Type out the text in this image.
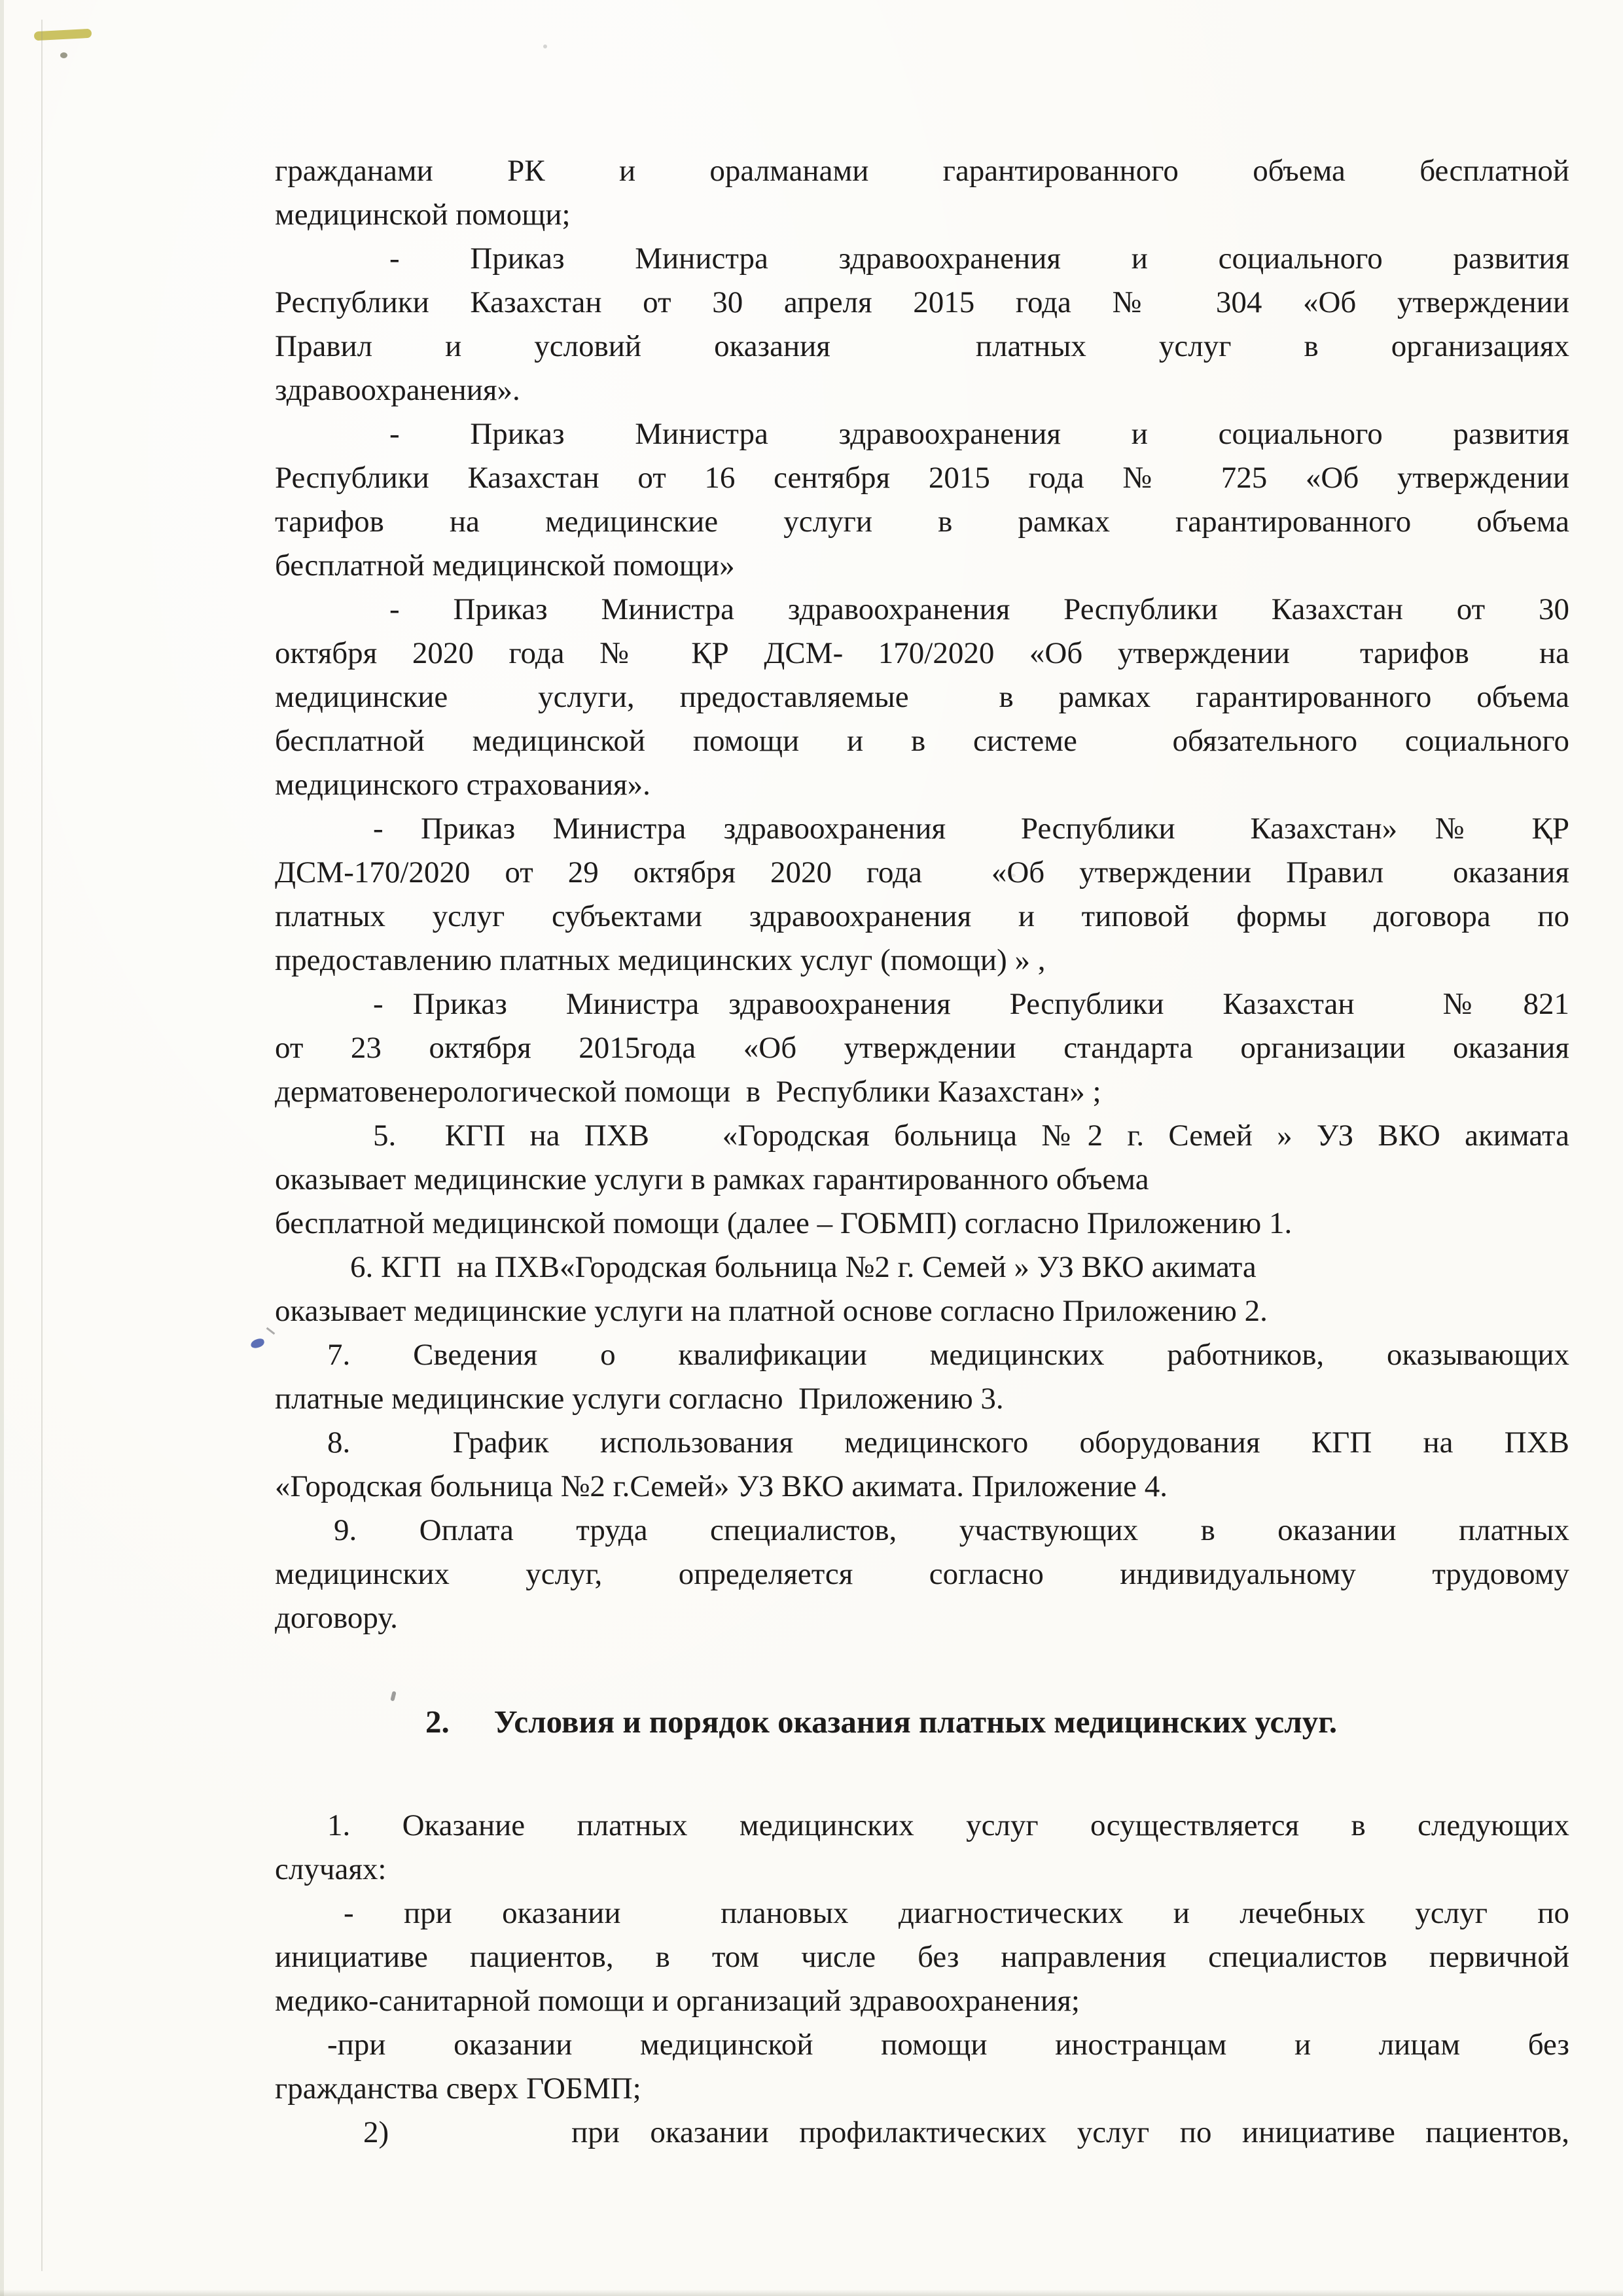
гражданами РК и оралманами гарантированного объема бесплатной
медицинской помощи;
- Приказ Министра здравоохранения и социального развития
Республики Казахстан от 30 апреля 2015 года № 304 «Об утверждении
Правил и условий оказания  платных услуг в организациях
здравоохранения».
- Приказ Министра здравоохранения и социального развития
Республики Казахстан от 16 сентября 2015 года № 725 «Об утверждении
тарифов на медицинские услуги в рамках гарантированного объема
бесплатной медицинской помощи»
- Приказ Министра здравоохранения Республики Казахстан от 30
октября 2020 года № ҚР ДСМ- 170/2020 «Об утверждении  тарифов  на
медицинские  услуги, предоставляемые  в рамках гарантированного объема
бесплатной медицинской помощи и в системе  обязательного социального
медицинского страхования».
- Приказ Министра здравоохранения  Республики  Казахстан» № ҚР
ДСМ-170/2020 от 29 октября 2020 года  «Об утверждении Правил  оказания
платных услуг субъектами здравоохранения и типовой формы договора по
предоставлению платных медицинских услуг (помощи) » ,
- Приказ  Министра здравоохранения  Республики  Казахстан   № 821
от 23 октября 2015года «Об утверждении стандарта организации оказания
дерматовенерологической помощи  в  Республики Казахстан» ;
5.  КГП на ПХВ   «Городская больница №2 г. Семей » УЗ ВКО акимата
оказывает медицинские услуги в рамках гарантированного объема
бесплатной медицинской помощи (далее – ГОБМП) согласно Приложению 1.
6. КГП  на ПХВ«Городская больница №2 г. Семей » УЗ ВКО акимата
оказывает медицинские услуги на платной основе согласно Приложению 2.
7. Сведения о квалификации медицинских работников, оказывающих
платные медицинские услуги согласно  Приложению 3.
8.  График использования медицинского оборудования КГП на ПХВ
«Городская больница №2 г.Семей» УЗ ВКО акимата. Приложение 4.
9. Оплата труда специалистов, участвующих в оказании платных
медицинских услуг, определяется согласно индивидуальному трудовому
договору.
2. Условия и порядок оказания платных медицинских услуг.
1. Оказание платных медицинских услуг осуществляется в следующих
случаях:
- при оказании  плановых диагностических и лечебных услуг по
инициативе пациентов, в том числе без направления специалистов первичной
медико-санитарной помощи и организаций здравоохранения;
-при оказании медицинской помощи иностранцам и лицам без
гражданства сверх ГОБМП;
2)      при оказании профилактических услуг по инициативе пациентов,
